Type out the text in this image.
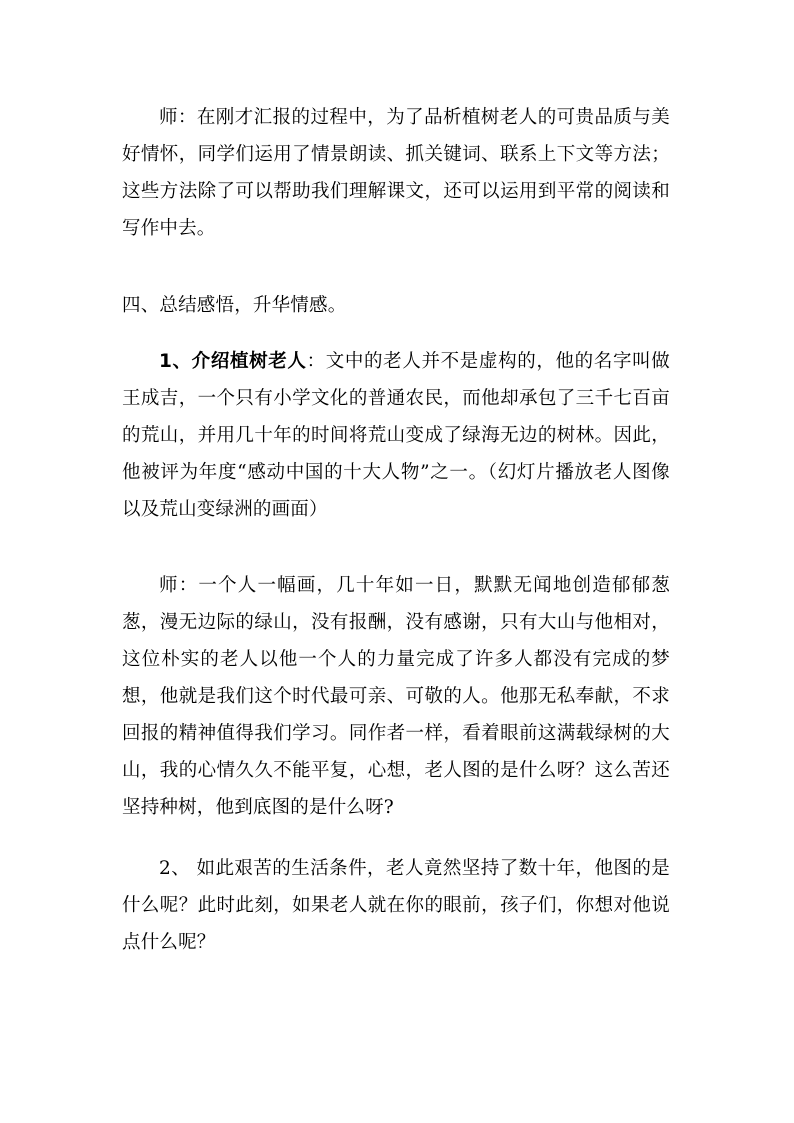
师：在刚才汇报的过程中，为了品析植树老人的可贵品质与美好情怀，同学们运用了情景朗读、抓关键词、联系上下文等方法；这些方法除了可以帮助我们理解课文，还可以运用到平常的阅读和写作中去。

四、总结感悟，升华情感。

1、介绍植树老人：文中的老人并不是虚构的，他的名字叫做王成吉，一个只有小学文化的普通农民，而他却承包了三千七百亩的荒山，并用几十年的时间将荒山变成了绿海无边的树林。因此，他被评为年度“感动中国的十大人物”之一。（幻灯片播放老人图像以及荒山变绿洲的画面）

师：一个人一幅画，几十年如一日，默默无闻地创造郁郁葱葱，漫无边际的绿山，没有报酬，没有感谢，只有大山与他相对，这位朴实的老人以他一个人的力量完成了许多人都没有完成的梦想，他就是我们这个时代最可亲、可敬的人。他那无私奉献，不求回报的精神值得我们学习。同作者一样，看着眼前这满载绿树的大山，我的心情久久不能平复，心想，老人图的是什么呀？这么苦还坚持种树，他到底图的是什么呀?

2、 如此艰苦的生活条件，老人竟然坚持了数十年，他图的是什么呢？此时此刻，如果老人就在你的眼前，孩子们，你想对他说点什么呢？
